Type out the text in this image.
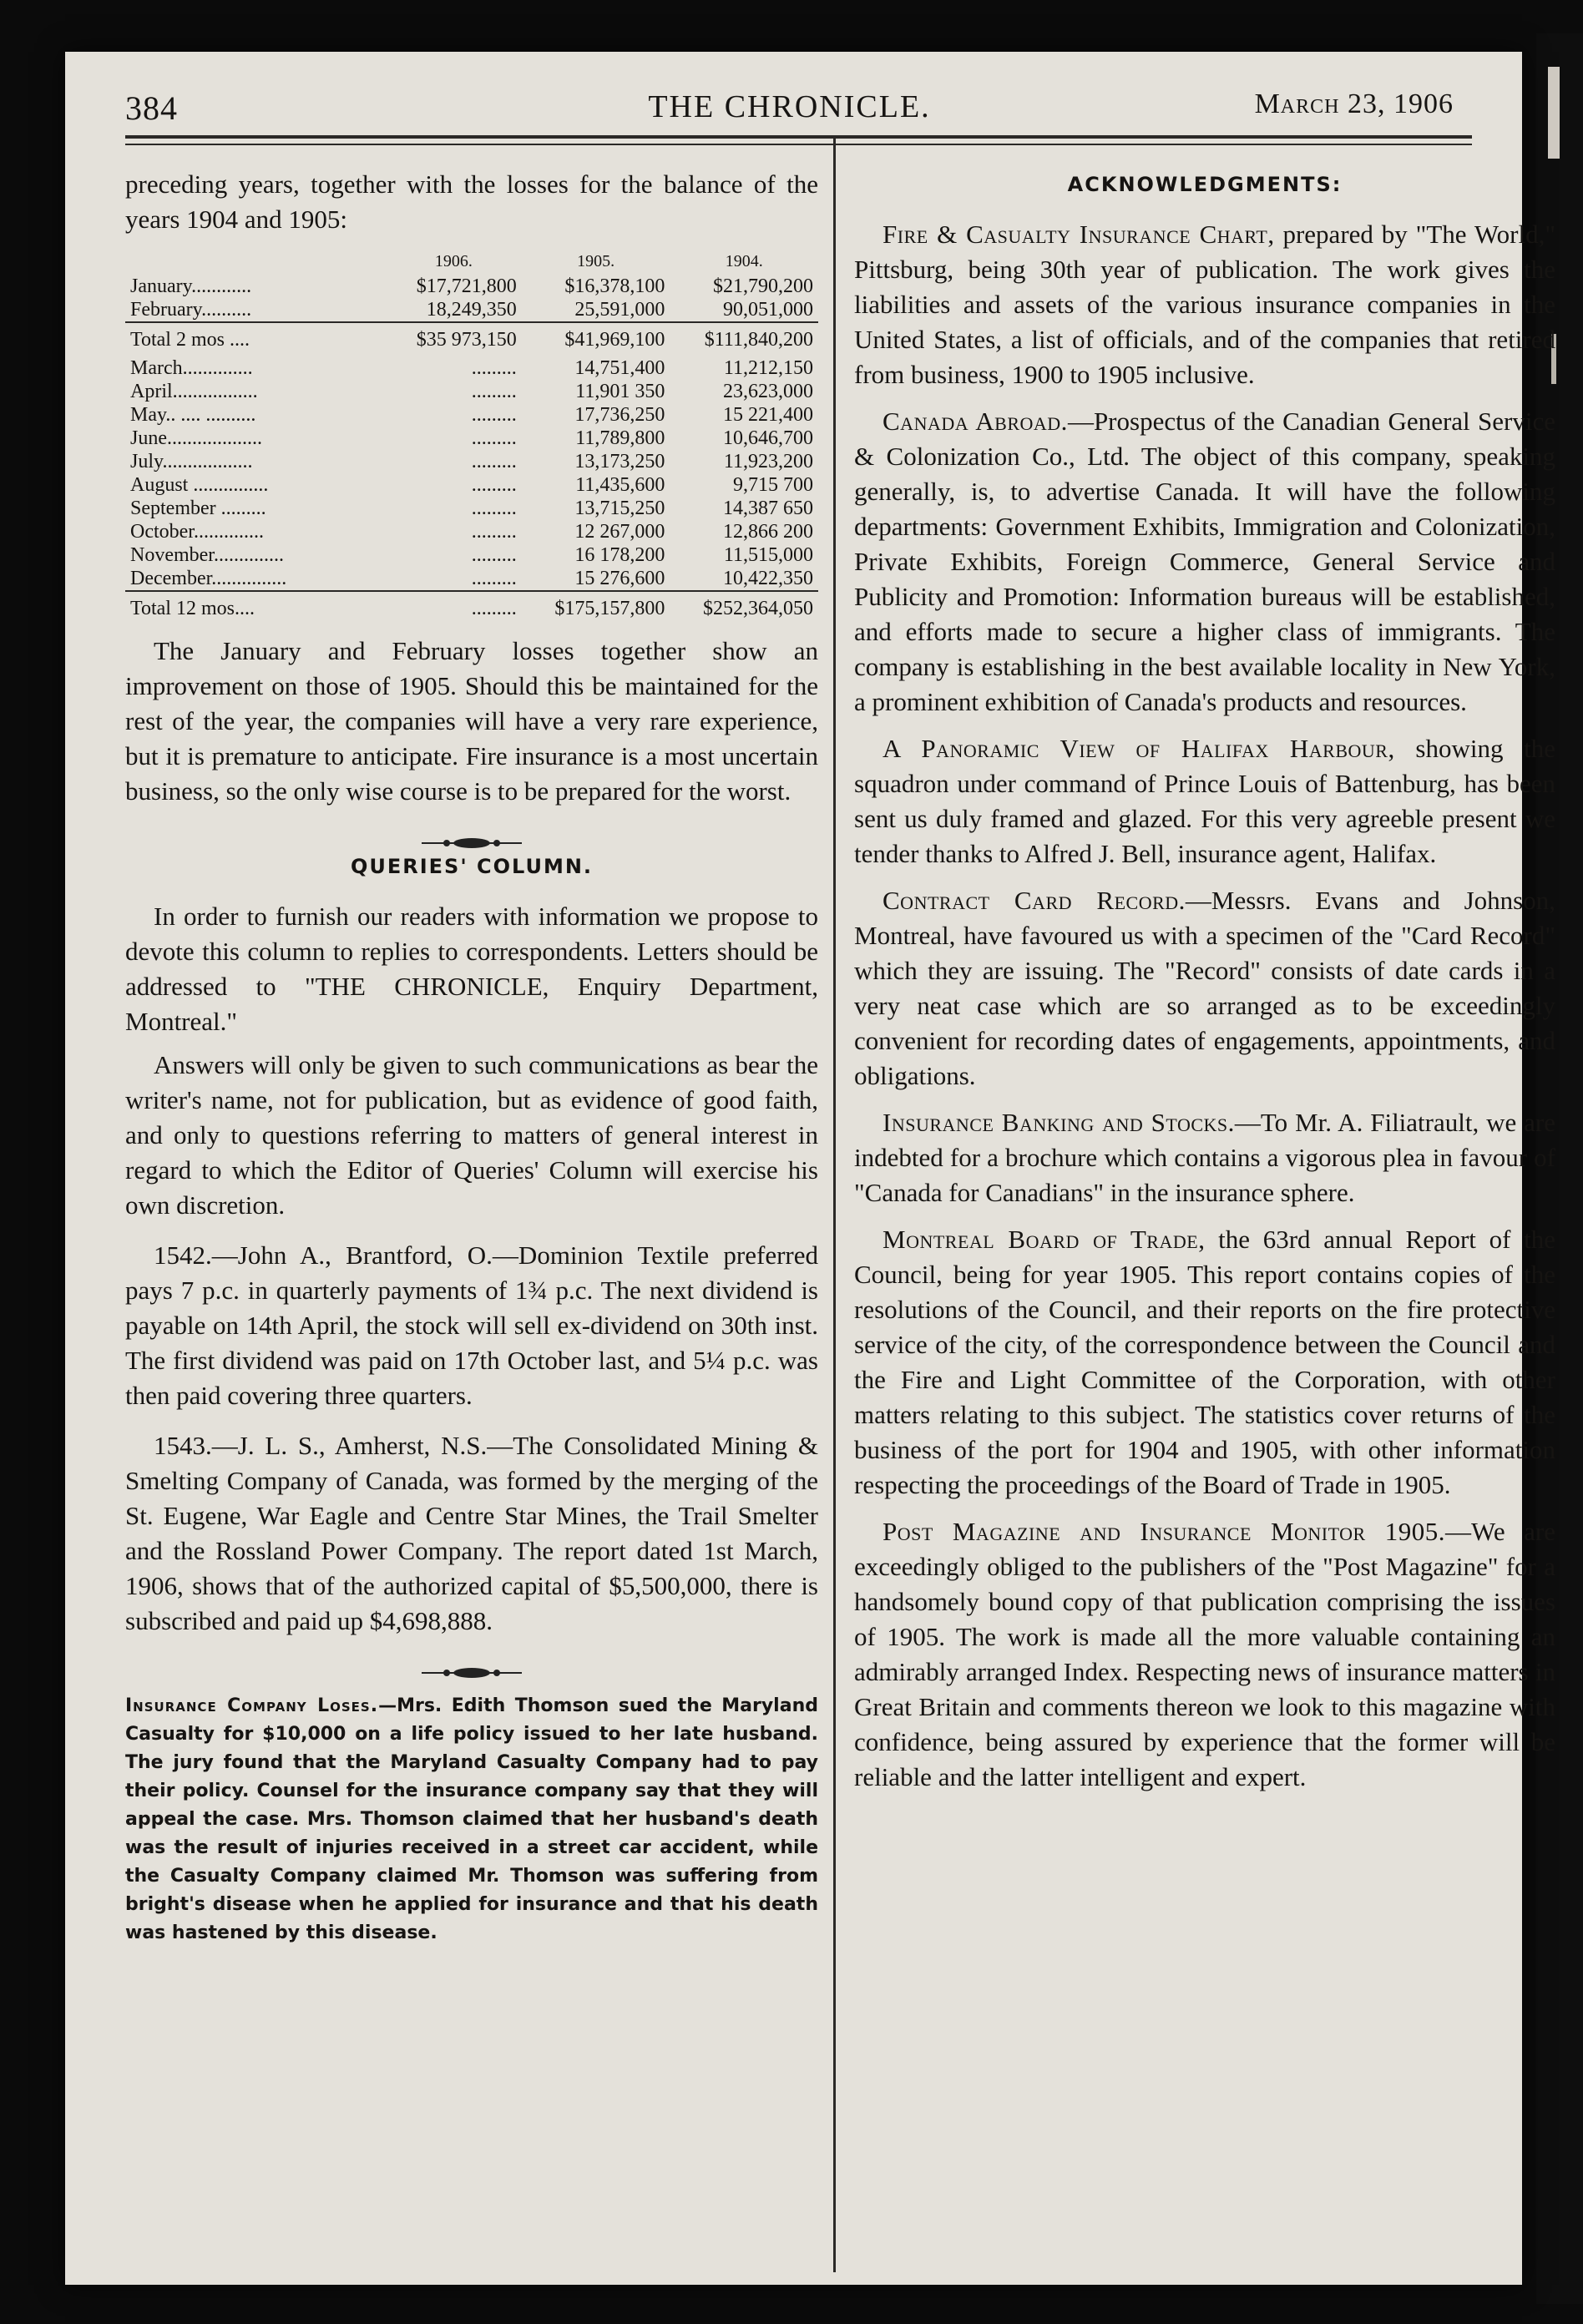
384	THE CHRONICLE.	March 23, 1906

preceding years, together with the losses for the balance of the years 1904 and 1905:

	1906.	1905.	1904.
January............	$17,721,800	$16,378,100	$21,790,200
February..........	18,249,350	25,591,000	90,051,000
Total 2 mos ....	$35 973,150	$41,969,100	$111,840,200
March..............	.........	14,751,400	11,212,150
April.................	.........	11,901 350	23,623,000
May.. .... ..........	.........	17,736,250	15 221,400
June...................	.........	11,789,800	10,646,700
July..................	.........	13,173,250	11,923,200
August ...............	.........	11,435,600	9,715 700
September .........	.........	13,715,250	14,387 650
October..............	.........	12 267,000	12,866 200
November..............	.........	16 178,200	11,515,000
December...............	.........	15 276,600	10,422,350
Total 12 mos....	.........	$175,157,800	$252,364,050

The January and February losses together show an improvement on those of 1905. Should this be maintained for the rest of the year, the companies will have a very rare experience, but it is premature to anticipate. Fire insurance is a most uncertain business, so the only wise course is to be prepared for the worst.

QUERIES' COLUMN.

In order to furnish our readers with information we propose to devote this column to replies to correspondents. Letters should be addressed to "THE CHRONICLE, Enquiry Department, Montreal."

Answers will only be given to such communications as bear the writer's name, not for publication, but as evidence of good faith, and only to questions referring to matters of general interest in regard to which the Editor of Queries' Column will exercise his own discretion.

1542.—John A., Brantford, O.—Dominion Textile preferred pays 7 p.c. in quarterly payments of 1¾ p.c. The next dividend is payable on 14th April, the stock will sell ex-dividend on 30th inst. The first dividend was paid on 17th October last, and 5¼ p.c. was then paid covering three quarters.

1543.—J. L. S., Amherst, N.S.—The Consolidated Mining & Smelting Company of Canada, was formed by the merging of the St. Eugene, War Eagle and Centre Star Mines, the Trail Smelter and the Rossland Power Company. The report dated 1st March, 1906, shows that of the authorized capital of $5,500,000, there is subscribed and paid up $4,698,888.

Insurance Company Loses.—Mrs. Edith Thomson sued the Maryland Casualty for $10,000 on a life policy issued to her late husband. The jury found that the Maryland Casualty Company had to pay their policy. Counsel for the insurance company say that they will appeal the case. Mrs. Thomson claimed that her husband's death was the result of injuries received in a street car accident, while the Casualty Company claimed Mr. Thomson was suffering from bright's disease when he applied for insurance and that his death was hastened by this disease.
ACKNOWLEDGMENTS:

Fire & Casualty Insurance Chart, prepared by "The World," Pittsburg, being 30th year of publication. The work gives the liabilities and assets of the various insurance companies in the United States, a list of officials, and of the companies that retired from business, 1900 to 1905 inclusive.

Canada Abroad.—Prospectus of the Canadian General Service & Colonization Co., Ltd. The object of this company, speaking generally, is, to advertise Canada. It will have the following departments: Government Exhibits, Immigration and Colonization, Private Exhibits, Foreign Commerce, General Service and Publicity and Promotion: Information bureaus will be established, and efforts made to secure a higher class of immigrants. The company is establishing in the best available locality in New York, a prominent exhibition of Canada's products and resources.

A Panoramic View of Halifax Harbour, showing the squadron under command of Prince Louis of Battenburg, has been sent us duly framed and glazed. For this very agreeble present we tender thanks to Alfred J. Bell, insurance agent, Halifax.

Contract Card Record.—Messrs. Evans and Johnson, Montreal, have favoured us with a specimen of the "Card Record" which they are issuing. The "Record" consists of date cards in a very neat case which are so arranged as to be exceedingly convenient for recording dates of engagements, appointments, and obligations.

Insurance Banking and Stocks.—To Mr. A. Filiatrault, we are indebted for a brochure which contains a vigorous plea in favour of "Canada for Canadians" in the insurance sphere.

Montreal Board of Trade, the 63rd annual Report of the Council, being for year 1905. This report contains copies of the resolutions of the Council, and their reports on the fire protective service of the city, of the correspondence between the Council and the Fire and Light Committee of the Corporation, with other matters relating to this subject. The statistics cover returns of the business of the port for 1904 and 1905, with other information respecting the proceedings of the Board of Trade in 1905.

Post Magazine and Insurance Monitor 1905.—We are exceedingly obliged to the publishers of the "Post Magazine" for a handsomely bound copy of that publication comprising the issues of 1905. The work is made all the more valuable containing an admirably arranged Index. Respecting news of insurance matters in Great Britain and comments thereon we look to this magazine with confidence, being assured by experience that the former will be reliable and the latter intelligent and expert.
